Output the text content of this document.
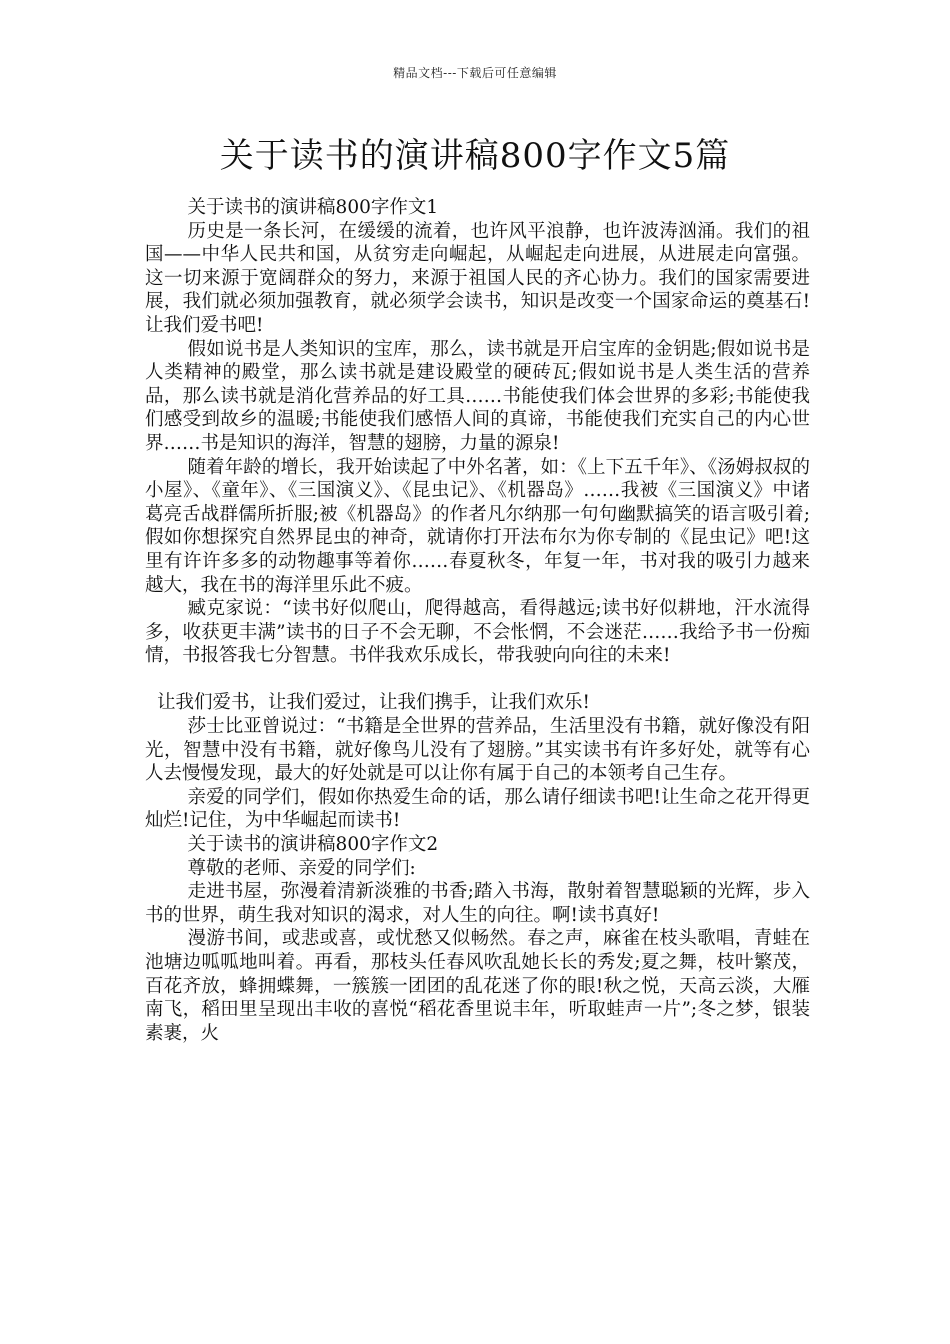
精品文档---下载后可任意编辑
关于读书的演讲稿800字作文5篇

关于读书的演讲稿800字作文1

历史是一条长河，在缓缓的流着，也许风平浪静，也许波涛汹涌。我们的祖国——中华人民共和国，从贫穷走向崛起，从崛起走向进展，从进展走向富强。这一切来源于宽阔群众的努力，来源于祖国人民的齐心协力。我们的国家需要进展，我们就必须加强教育，就必须学会读书，知识是改变一个国家命运的奠基石!让我们爱书吧!

假如说书是人类知识的宝库，那么，读书就是开启宝库的金钥匙;假如说书是人类精神的殿堂，那么读书就是建设殿堂的硬砖瓦;假如说书是人类生活的营养品，那么读书就是消化营养品的好工具……书能使我们体会世界的多彩;书能使我们感受到故乡的温暖;书能使我们感悟人间的真谛，书能使我们充实自己的内心世界……书是知识的海洋，智慧的翅膀，力量的源泉!

随着年龄的增长，我开始读起了中外名著，如：《上下五千年》、《汤姆叔叔的小屋》、《童年》、《三国演义》、《昆虫记》、《机器岛》……我被《三国演义》中诸葛亮舌战群儒所折服;被《机器岛》的作者凡尔纳那一句句幽默搞笑的语言吸引着;假如你想探究自然界昆虫的神奇，就请你打开法布尔为你专制的《昆虫记》吧!这里有许许多多的动物趣事等着你……春夏秋冬，年复一年，书对我的吸引力越来越大，我在书的海洋里乐此不疲。

臧克家说：“读书好似爬山，爬得越高，看得越远;读书好似耕地，汗水流得多，收获更丰满”读书的日子不会无聊，不会怅惘，不会迷茫……我给予书一份痴情，书报答我七分智慧。书伴我欢乐成长，带我驶向向往的未来!

让我们爱书，让我们爱过，让我们携手，让我们欢乐!

莎士比亚曾说过：“书籍是全世界的营养品，生活里没有书籍，就好像没有阳光，智慧中没有书籍，就好像鸟儿没有了翅膀。”其实读书有许多好处，就等有心人去慢慢发现，最大的好处就是可以让你有属于自己的本领考自己生存。

亲爱的同学们，假如你热爱生命的话，那么请仔细读书吧!让生命之花开得更灿烂!记住，为中华崛起而读书!

关于读书的演讲稿800字作文2

尊敬的老师、亲爱的同学们:

走进书屋，弥漫着清新淡雅的书香;踏入书海，散射着智慧聪颖的光辉，步入书的世界，萌生我对知识的渴求，对人生的向往。啊!读书真好!

漫游书间，或悲或喜，或忧愁又似畅然。春之声，麻雀在枝头歌唱，青蛙在池塘边呱呱地叫着。再看，那枝头任春风吹乱她长长的秀发;夏之舞，枝叶繁茂，百花齐放，蜂拥蝶舞，一簇簇一团团的乱花迷了你的眼!秋之悦，天高云淡，大雁南飞，稻田里呈现出丰收的喜悦“稻花香里说丰年，听取蛙声一片”;冬之梦，银装素裹，火
